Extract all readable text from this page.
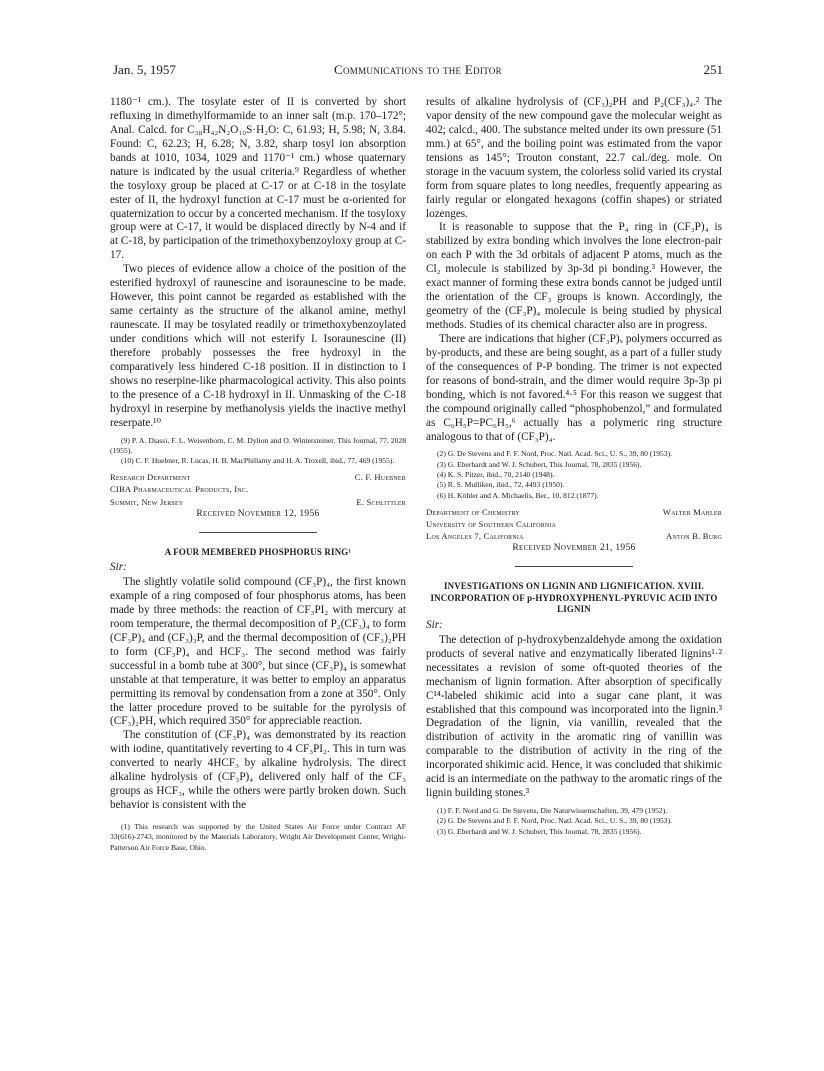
Jan. 5, 1957	Communications to the Editor	251

1180⁻¹ cm.). The tosylate ester of II is converted by short refluxing in dimethylformamide to an inner salt (m.p. 170–172°; Anal. Calcd. for C₃₈H₄₂N₂O₁₀S·H₂O: C, 61.93; H, 5.98; N, 3.84. Found: C, 62.23; H, 6.28; N, 3.82, sharp tosyl ion absorption bands at 1010, 1034, 1029 and 1170⁻¹ cm.) whose quaternary nature is indicated by the usual criteria.⁹ Regardless of whether the tosyloxy group be placed at C-17 or at C-18 in the tosylate ester of II, the hydroxyl function at C-17 must be α-oriented for quaternization to occur by a concerted mechanism. If the tosyloxy group were at C-17, it would be displaced directly by N-4 and if at C-18, by participation of the trimethoxybenzoyloxy group at C-17.

Two pieces of evidence allow a choice of the position of the esterified hydroxyl of raunescine and isoraunescine to be made. However, this point cannot be regarded as established with the same certainty as the structure of the alkanol amine, methyl raunescate. II may be tosylated readily or trimethoxybenzoylated under conditions which will not esterify I. Isoraunescine (II) therefore probably possesses the free hydroxyl in the comparatively less hindered C-18 position. II in distinction to I shows no reserpine-like pharmacological activity. This also points to the presence of a C-18 hydroxyl in II. Unmasking of the C-18 hydroxyl in reserpine by methanolysis yields the inactive methyl reserpate.¹⁰

(9) P. A. Diassi, F. L. Weisenborn, C. M. Dylion and O. Wintersteiner, This Journal, 77, 2028 (1955).

(10) C. F. Huebner, R. Lucas, H. B. MacPhillamy and H. A. Troxell, ibid., 77, 469 (1955).

Research Department	C. F. Huebner
CIBA Pharmaceutical Products, Inc.
Summit, New Jersey	E. Schlittler
Received November 12, 1956
A FOUR MEMBERED PHOSPHORUS RING¹
Sir:

The slightly volatile solid compound (CF₃P)₄, the first known example of a ring composed of four phosphorus atoms, has been made by three methods: the reaction of CF₃PI₂ with mercury at room temperature, the thermal decomposition of P₂(CF₃)₄ to form (CF₃P)₄ and (CF₃)₃P, and the thermal decomposition of (CF₃)₂PH to form (CF₃P)₄ and HCF₃. The second method was fairly successful in a bomb tube at 300°, but since (CF₃P)₄ is somewhat unstable at that temperature, it was better to employ an apparatus permitting its removal by condensation from a zone at 350°. Only the latter procedure proved to be suitable for the pyrolysis of (CF₃)₂PH, which required 350° for appreciable reaction.

The constitution of (CF₃P)₄ was demonstrated by its reaction with iodine, quantitatively reverting to 4 CF₃PI₂. This in turn was converted to nearly 4HCF₃ by alkaline hydrolysis. The direct alkaline hydrolysis of (CF₃P)₄ delivered only half of the CF₃ groups as HCF₃, while the others were partly broken down. Such behavior is consistent with the

(1) This research was supported by the United States Air Force under Contract AF 33(616)-2743, monitored by the Materials Laboratory, Wright Air Development Center, Wright-Patterson Air Force Base, Ohio.

results of alkaline hydrolysis of (CF₃)₂PH and P₂(CF₃)₄.² The vapor density of the new compound gave the molecular weight as 402; calcd., 400. The substance melted under its own pressure (51 mm.) at 65°, and the boiling point was estimated from the vapor tensions as 145°; Trouton constant, 22.7 cal./deg. mole. On storage in the vacuum system, the colorless solid varied its crystal form from square plates to long needles, frequently appearing as fairly regular or elongated hexagons (coffin shapes) or striated lozenges.

It is reasonable to suppose that the P₄ ring in (CF₃P)₄ is stabilized by extra bonding which involves the lone electron-pair on each P with the 3d orbitals of adjacent P atoms, much as the Cl₂ molecule is stabilized by 3p-3d pi bonding.³ However, the exact manner of forming these extra bonds cannot be judged until the orientation of the CF₃ groups is known. Accordingly, the geometry of the (CF₃P)₄ molecule is being studied by physical methods. Studies of its chemical character also are in progress.

There are indications that higher (CF₃P)ₓ polymers occurred as by-products, and these are being sought, as a part of a fuller study of the consequences of P-P bonding. The trimer is not expected for reasons of bond-strain, and the dimer would require 3p-3p pi bonding, which is not favored.⁴·⁵ For this reason we suggest that the compound originally called “phosphobenzol,” and formulated as C₆H₅P=PC₆H₅,⁶ actually has a polymeric ring structure analogous to that of (CF₃P)₄.

(2) G. De Stevens and F. F. Nord, Proc. Natl. Acad. Sci., U. S., 39, 80 (1953).

(3) G. Eberhardt and W. J. Schubert, This Journal, 78, 2835 (1956).

(4) K. S. Pitzer, ibid., 70, 2140 (1948).

(5) R. S. Mulliken, ibid., 72, 4493 (1950).

(6) H. Köhler and A. Michaelis, Ber., 10, 812 (1877).

Department of Chemistry	Walter Mahler
University of Southern California
Los Angeles 7, California	Anton B. Burg
Received November 21, 1956
INVESTIGATIONS ON LIGNIN AND LIGNIFICATION. XVIII. INCORPORATION OF p-HYDROXYPHENYL-PYRUVIC ACID INTO LIGNIN
Sir:

The detection of p-hydroxybenzaldehyde among the oxidation products of several native and enzymatically liberated lignins¹·² necessitates a revision of some oft-quoted theories of the mechanism of lignin formation. After absorption of specifically C¹⁴-labeled shikimic acid into a sugar cane plant, it was established that this compound was incorporated into the lignin.³ Degradation of the lignin, via vanillin, revealed that the distribution of activity in the aromatic ring of vanillin was comparable to the distribution of activity in the ring of the incorporated shikimic acid. Hence, it was concluded that shikimic acid is an intermediate on the pathway to the aromatic rings of the lignin building stones.³

(1) F. F. Nord and G. De Stevens, Die Naturwissenschaften, 39, 479 (1952).

(2) G. De Stevens and F. F. Nord, Proc. Natl. Acad. Sci., U. S., 39, 80 (1953).

(3) G. Eberhardt and W. J. Schubert, This Journal, 78, 2835 (1956).
